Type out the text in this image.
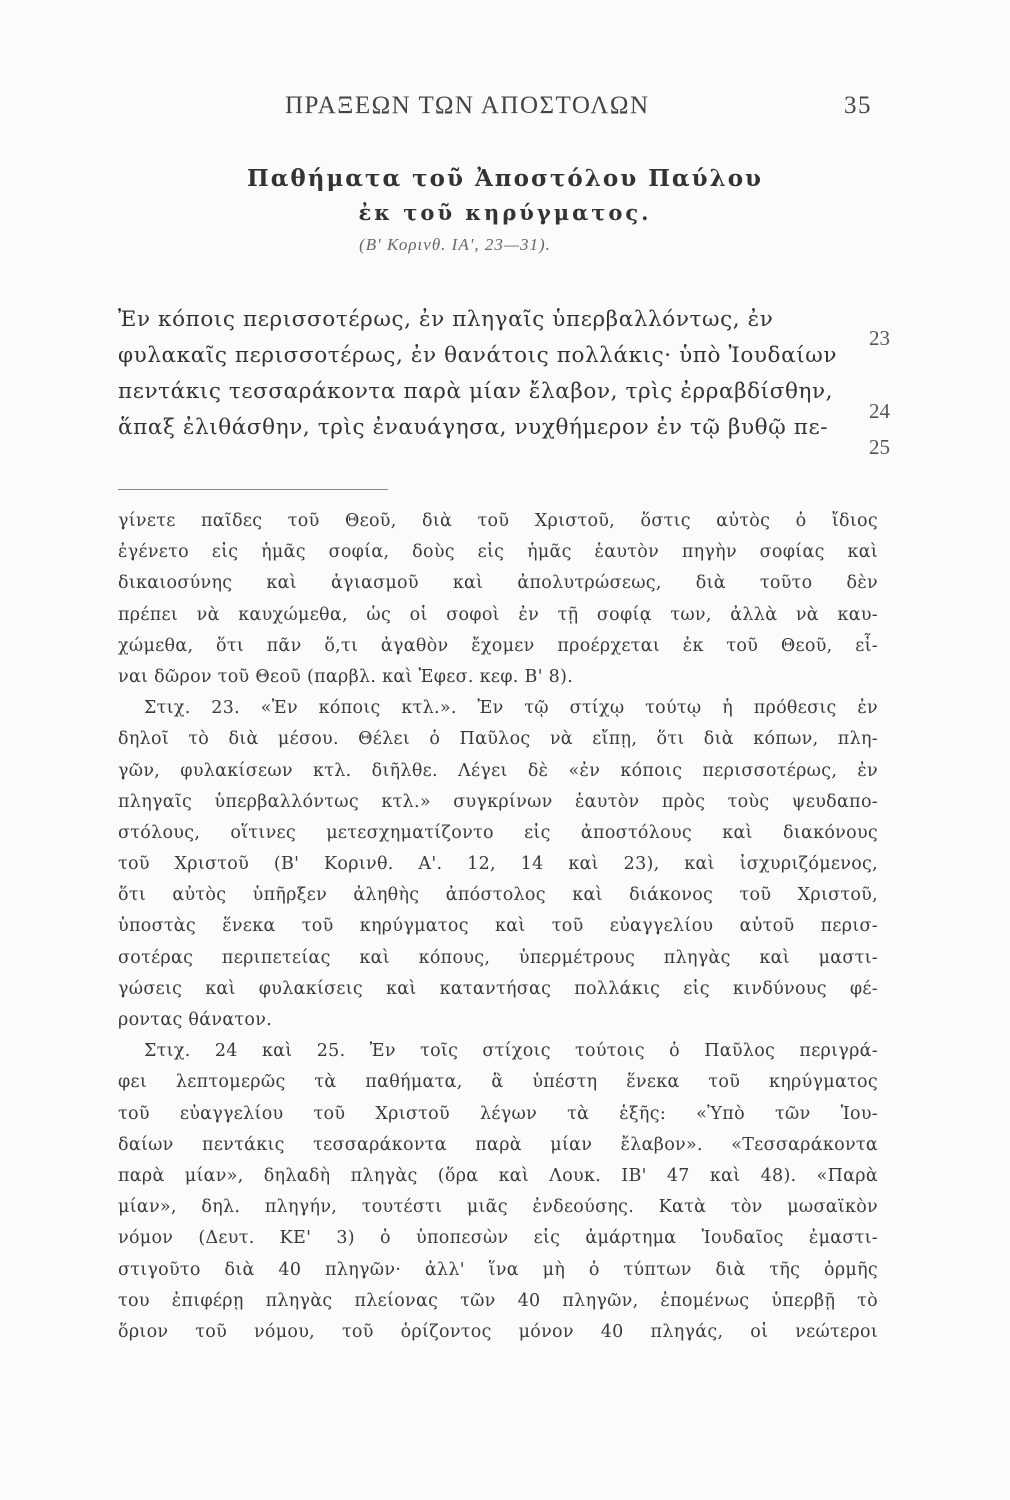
ΠΡΑΞΕΩΝ ΤΩΝ ΑΠΟΣΤΟΛΩΝ	35
Παθήματα τοῦ Ἀποστόλου Παύλου
ἐκ τοῦ κηρύγματος.
(Β' Κορινθ. ΙΑ', 23—31).
Ἐν κόποις περισσοτέρως, ἐν πληγαῖς ὑπερβαλλόντως, ἐν
φυλακαῖς περισσοτέρως, ἐν θανάτοις πολλάκις· ὑπὸ Ἰουδαίων
πεντάκις τεσσαράκοντα παρὰ μίαν ἔλαβον, τρὶς ἐρραβδίσθην,
ἅπαξ ἐλιθάσθην, τρὶς ἐναυάγησα, νυχθήμερον ἐν τῷ βυθῷ πε-
23
24
25
γίνετε παῖδες τοῦ Θεοῦ, διὰ τοῦ Χριστοῦ, ὅστις αὐτὸς ὁ ἴδιος
ἐγένετο εἰς ἡμᾶς σοφία, δοὺς εἰς ἡμᾶς ἑαυτὸν πηγὴν σοφίας καὶ
δικαιοσύνης καὶ ἁγιασμοῦ καὶ ἀπολυτρώσεως, διὰ τοῦτο δὲν
πρέπει νὰ καυχώμεθα, ὡς οἱ σοφοὶ ἐν τῇ σοφίᾳ των, ἀλλὰ νὰ καυ-
χώμεθα, ὅτι πᾶν ὅ,τι ἀγαθὸν ἔχομεν προέρχεται ἐκ τοῦ Θεοῦ, εἶ-
ναι δῶρον τοῦ Θεοῦ (παρβλ. καὶ Ἐφεσ. κεφ. Β' 8).
Στιχ. 23. «Ἐν κόποις κτλ.». Ἐν τῷ στίχῳ τούτῳ ἡ πρόθεσις ἐν
δηλοῖ τὸ διὰ μέσου. Θέλει ὁ Παῦλος νὰ εἴπῃ, ὅτι διὰ κόπων, πλη-
γῶν, φυλακίσεων κτλ. διῆλθε. Λέγει δὲ «ἐν κόποις περισσοτέρως, ἐν
πληγαῖς ὑπερβαλλόντως κτλ.» συγκρίνων ἑαυτὸν πρὸς τοὺς ψευδαπο-
στόλους, οἵτινες μετεσχηματίζοντο εἰς ἀποστόλους καὶ διακόνους
τοῦ Χριστοῦ (Β' Κορινθ. Α'. 12, 14 καὶ 23), καὶ ἰσχυριζόμενος,
ὅτι αὐτὸς ὑπῆρξεν ἀληθὴς ἀπόστολος καὶ διάκονος τοῦ Χριστοῦ,
ὑποστὰς ἕνεκα τοῦ κηρύγματος καὶ τοῦ εὐαγγελίου αὐτοῦ περισ-
σοτέρας περιπετείας καὶ κόπους, ὑπερμέτρους πληγὰς καὶ μαστι-
γώσεις καὶ φυλακίσεις καὶ καταντήσας πολλάκις εἰς κινδύνους φέ-
ροντας θάνατον.
Στιχ. 24 καὶ 25. Ἐν τοῖς στίχοις τούτοις ὁ Παῦλος περιγρά-
φει λεπτομερῶς τὰ παθήματα, ἃ ὑπέστη ἕνεκα τοῦ κηρύγματος
τοῦ εὐαγγελίου τοῦ Χριστοῦ λέγων τὰ ἑξῆς: «Ὑπὸ τῶν Ἰου-
δαίων πεντάκις τεσσαράκοντα παρὰ μίαν ἔλαβον». «Τεσσαράκοντα
παρὰ μίαν», δηλαδὴ πληγὰς (ὅρα καὶ Λουκ. ΙΒ' 47 καὶ 48). «Παρὰ
μίαν», δηλ. πληγήν, τουτέστι μιᾶς ἐνδεούσης. Κατὰ τὸν μωσαϊκὸν
νόμον (Δευτ. ΚΕ' 3) ὁ ὑποπεσὼν εἰς ἁμάρτημα Ἰουδαῖος ἐμαστι-
στιγοῦτο διὰ 40 πληγῶν· ἀλλ' ἵνα μὴ ὁ τύπτων διὰ τῆς ὁρμῆς
του ἐπιφέρῃ πληγὰς πλείονας τῶν 40 πληγῶν, ἐπομένως ὑπερβῇ τὸ
ὅριον τοῦ νόμου, τοῦ ὁρίζοντος μόνον 40 πληγάς, οἱ νεώτεροι
